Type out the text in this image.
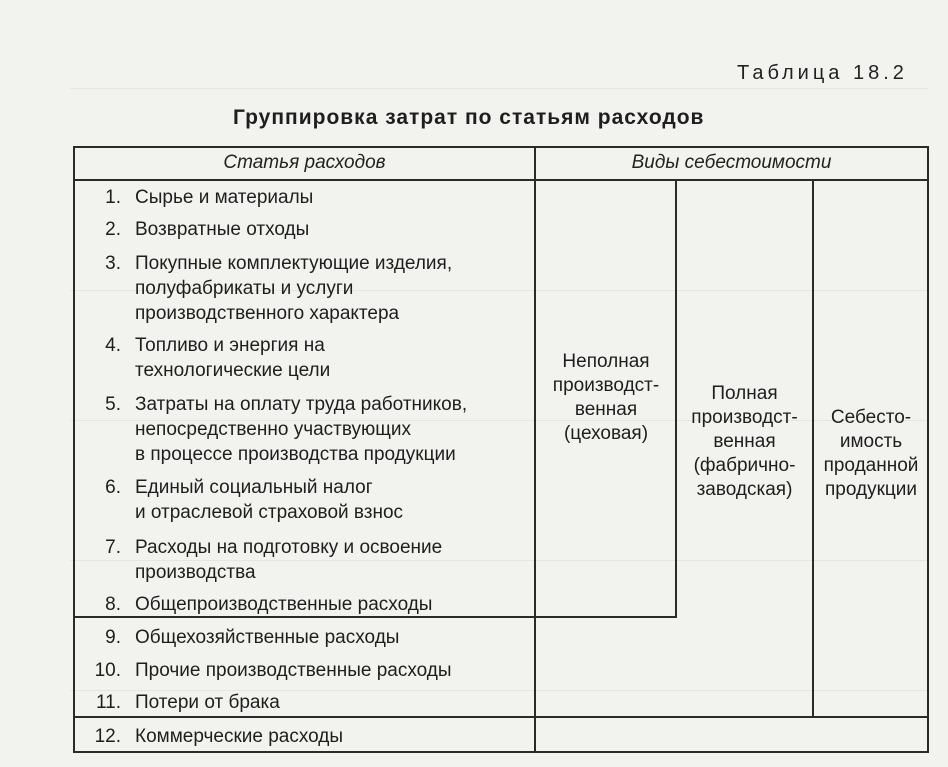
Таблица 18.2
Группировка затрат по статьям расходов
Статья расходов	Виды себестоимости
1. Сырье и материалы
2. Возвратные отходы
3. Покупные комплектующие изделия,
полуфабрикаты и услуги
производственного характера
4. Топливо и энергия на
технологические цели
5. Затраты на оплату труда работников,
непосредственно участвующих
в процессе производства продукции
6. Единый социальный налог
и отраслевой страховой взнос
7. Расходы на подготовку и освоение
производства
8. Общепроизводственные расходы
9. Общехозяйственные расходы
10. Прочие производственные расходы
11. Потери от брака
12. Коммерческие расходы
Неполная
производст-
венная
(цеховая)
Полная
производст-
венная
(фабрично-
заводская)
Себесто-
имость
проданной
продукции
